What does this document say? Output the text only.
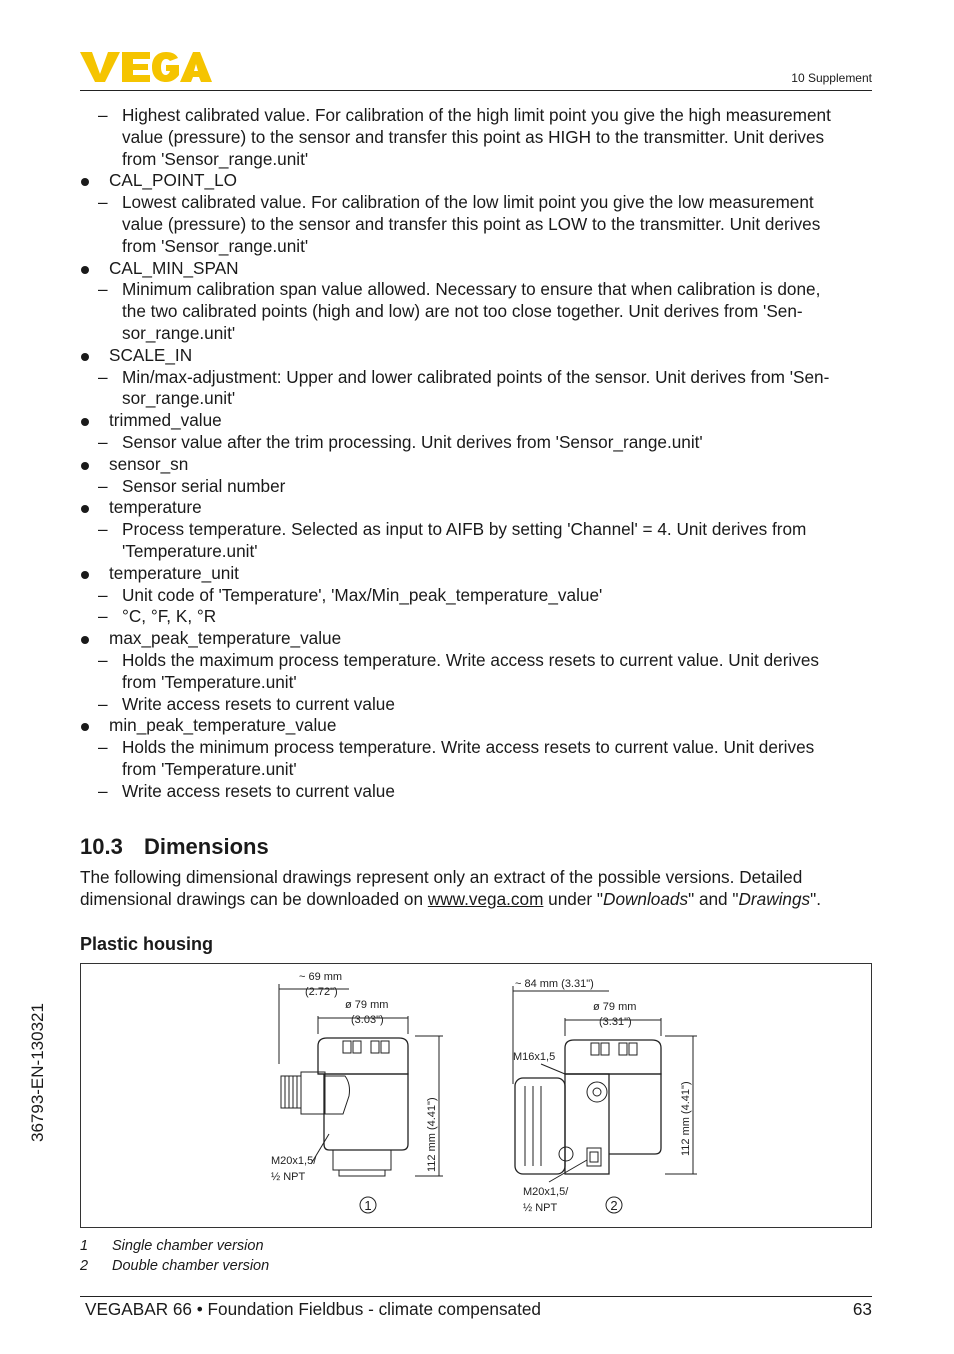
10 Supplement
– Highest calibrated value. For calibration of the high limit point you give the high measurement
value (pressure) to the sensor and transfer this point as HIGH to the transmitter. Unit derives
from 'Sensor_range.unit'
CAL_POINT_LO
– Lowest calibrated value. For calibration of the low limit point you give the low measurement
value (pressure) to the sensor and transfer this point as LOW to the transmitter. Unit derives
from 'Sensor_range.unit'
CAL_MIN_SPAN
– Minimum calibration span value allowed. Necessary to ensure that when calibration is done,
the two calibrated points (high and low) are not too close together. Unit derives from 'Sen-
sor_range.unit'
SCALE_IN
– Min/max-adjustment: Upper and lower calibrated points of the sensor. Unit derives from 'Sen-
sor_range.unit'
trimmed_value
– Sensor value after the trim processing. Unit derives from 'Sensor_range.unit'
sensor_sn
– Sensor serial number
temperature
– Process temperature. Selected as input to AIFB by setting 'Channel' = 4. Unit derives from
'Temperature.unit'
temperature_unit
– Unit code of 'Temperature', 'Max/Min_peak_temperature_value'
– °C, °F, K, °R
max_peak_temperature_value
– Holds the maximum process temperature. Write access resets to current value. Unit derives
from 'Temperature.unit'
– Write access resets to current value
min_peak_temperature_value
– Holds the minimum process temperature. Write access resets to current value. Unit derives
from 'Temperature.unit'
– Write access resets to current value
10.3 Dimensions
The following dimensional drawings represent only an extract of the possible versions. Detailed dimensional drawings can be downloaded on www.vega.com under "Downloads" and "Drawings".
Plastic housing
~ 69 mm
(2.72")
ø 79 mm
(3.03")
112 mm (4.41")
M20x1,5/
½ NPT
~ 84 mm (3.31")
ø 79 mm
(3.31")
112 mm (4.41")
M16x1,5
M20x1,5/
½ NPT
1	2
1 Single chamber version
2 Double chamber version
36793-EN-130321
VEGABAR 66 • Foundation Fieldbus - climate compensated	63
